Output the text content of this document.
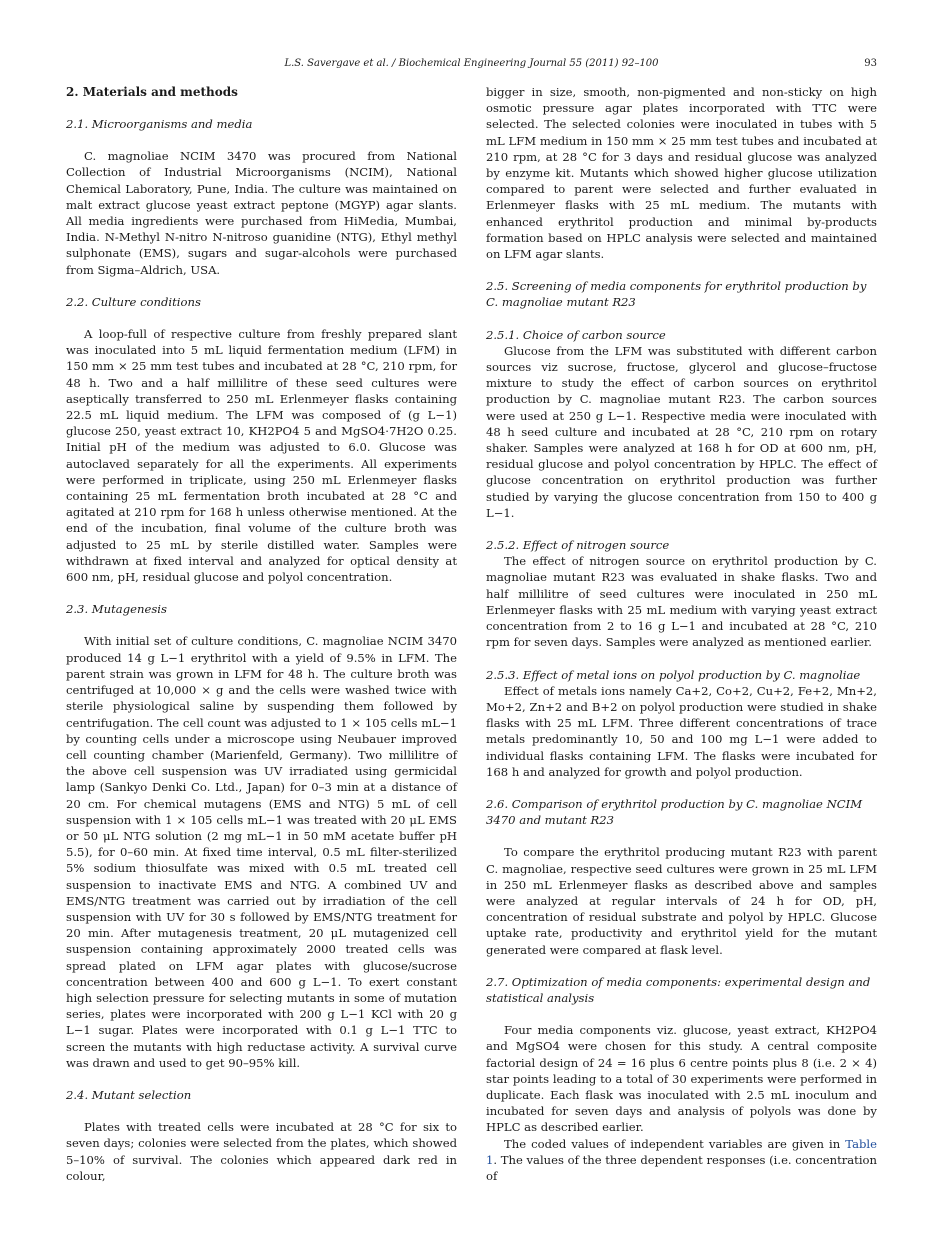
L.S. Savergave et al. / Biochemical Engineering Journal 55 (2011) 92–100	93
2. Materials and methods
2.1. Microorganisms and media

C. magnoliae NCIM 3470 was procured from National Collection of Industrial Microorganisms (NCIM), National Chemical Laboratory, Pune, India. The culture was maintained on malt extract glucose yeast extract peptone (MGYP) agar slants. All media ingredients were purchased from HiMedia, Mumbai, India. N-Methyl N-nitro N-nitroso guanidine (NTG), Ethyl methyl sulphonate (EMS), sugars and sugar-alcohols were purchased from Sigma–Aldrich, USA.

2.2. Culture conditions

A loop-full of respective culture from freshly prepared slant was inoculated into 5 mL liquid fermentation medium (LFM) in 150 mm × 25 mm test tubes and incubated at 28 °C, 210 rpm, for 48 h. Two and a half millilitre of these seed cultures were aseptically transferred to 250 mL Erlenmeyer flasks containing 22.5 mL liquid medium. The LFM was composed of (g L−1) glucose 250, yeast extract 10, KH2PO4 5 and MgSO4·7H2O 0.25. Initial pH of the medium was adjusted to 6.0. Glucose was autoclaved separately for all the experiments. All experiments were performed in triplicate, using 250 mL Erlenmeyer flasks containing 25 mL fermentation broth incubated at 28 °C and agitated at 210 rpm for 168 h unless otherwise mentioned. At the end of the incubation, final volume of the culture broth was adjusted to 25 mL by sterile distilled water. Samples were withdrawn at fixed interval and analyzed for optical density at 600 nm, pH, residual glucose and polyol concentration.

2.3. Mutagenesis

With initial set of culture conditions, C. magnoliae NCIM 3470 produced 14 g L−1 erythritol with a yield of 9.5% in LFM. The parent strain was grown in LFM for 48 h. The culture broth was centrifuged at 10,000 × g and the cells were washed twice with sterile physiological saline by suspending them followed by centrifugation. The cell count was adjusted to 1 × 105 cells mL−1 by counting cells under a microscope using Neubauer improved cell counting chamber (Marienfeld, Germany). Two millilitre of the above cell suspension was UV irradiated using germicidal lamp (Sankyo Denki Co. Ltd., Japan) for 0–3 min at a distance of 20 cm. For chemical mutagens (EMS and NTG) 5 mL of cell suspension with 1 × 105 cells mL−1 was treated with 20 μL EMS or 50 μL NTG solution (2 mg mL−1 in 50 mM acetate buffer pH 5.5), for 0–60 min. At fixed time interval, 0.5 mL filter-sterilized 5% sodium thiosulfate was mixed with 0.5 mL treated cell suspension to inactivate EMS and NTG. A combined UV and EMS/NTG treatment was carried out by irradiation of the cell suspension with UV for 30 s followed by EMS/NTG treatment for 20 min. After mutagenesis treatment, 20 μL mutagenized cell suspension containing approximately 2000 treated cells was spread plated on LFM agar plates with glucose/sucrose concentration between 400 and 600 g L−1. To exert constant high selection pressure for selecting mutants in some of mutation series, plates were incorporated with 200 g L−1 KCl with 20 g L−1 sugar. Plates were incorporated with 0.1 g L−1 TTC to screen the mutants with high reductase activity. A survival curve was drawn and used to get 90–95% kill.

2.4. Mutant selection

Plates with treated cells were incubated at 28 °C for six to seven days; colonies were selected from the plates, which showed 5–10% of survival. The colonies which appeared dark red in colour,

bigger in size, smooth, non-pigmented and non-sticky on high osmotic pressure agar plates incorporated with TTC were selected. The selected colonies were inoculated in tubes with 5 mL LFM medium in 150 mm × 25 mm test tubes and incubated at 210 rpm, at 28 °C for 3 days and residual glucose was analyzed by enzyme kit. Mutants which showed higher glucose utilization compared to parent were selected and further evaluated in Erlenmeyer flasks with 25 mL medium. The mutants with enhanced erythritol production and minimal by-products formation based on HPLC analysis were selected and maintained on LFM agar slants.

2.5. Screening of media components for erythritol production by C. magnoliae mutant R23
2.5.1. Choice of carbon source

Glucose from the LFM was substituted with different carbon sources viz sucrose, fructose, glycerol and glucose–fructose mixture to study the effect of carbon sources on erythritol production by C. magnoliae mutant R23. The carbon sources were used at 250 g L−1. Respective media were inoculated with 48 h seed culture and incubated at 28 °C, 210 rpm on rotary shaker. Samples were analyzed at 168 h for OD at 600 nm, pH, residual glucose and polyol concentration by HPLC. The effect of glucose concentration on erythritol production was further studied by varying the glucose concentration from 150 to 400 g L−1.

2.5.2. Effect of nitrogen source

The effect of nitrogen source on erythritol production by C. magnoliae mutant R23 was evaluated in shake flasks. Two and half millilitre of seed cultures were inoculated in 250 mL Erlenmeyer flasks with 25 mL medium with varying yeast extract concentration from 2 to 16 g L−1 and incubated at 28 °C, 210 rpm for seven days. Samples were analyzed as mentioned earlier.

2.5.3. Effect of metal ions on polyol production by C. magnoliae

Effect of metals ions namely Ca+2, Co+2, Cu+2, Fe+2, Mn+2, Mo+2, Zn+2 and B+2 on polyol production were studied in shake flasks with 25 mL LFM. Three different concentrations of trace metals predominantly 10, 50 and 100 mg L−1 were added to individual flasks containing LFM. The flasks were incubated for 168 h and analyzed for growth and polyol production.

2.6. Comparison of erythritol production by C. magnoliae NCIM 3470 and mutant R23

To compare the erythritol producing mutant R23 with parent C. magnoliae, respective seed cultures were grown in 25 mL LFM in 250 mL Erlenmeyer flasks as described above and samples were analyzed at regular intervals of 24 h for OD, pH, concentration of residual substrate and polyol by HPLC. Glucose uptake rate, productivity and erythritol yield for the mutant generated were compared at flask level.

2.7. Optimization of media components: experimental design and statistical analysis

Four media components viz. glucose, yeast extract, KH2PO4 and MgSO4 were chosen for this study. A central composite factorial design of 24 = 16 plus 6 centre points plus 8 (i.e. 2 × 4) star points leading to a total of 30 experiments were performed in duplicate. Each flask was inoculated with 2.5 mL inoculum and incubated for seven days and analysis of polyols was done by HPLC as described earlier.

The coded values of independent variables are given in Table 1. The values of the three dependent responses (i.e. concentration of
